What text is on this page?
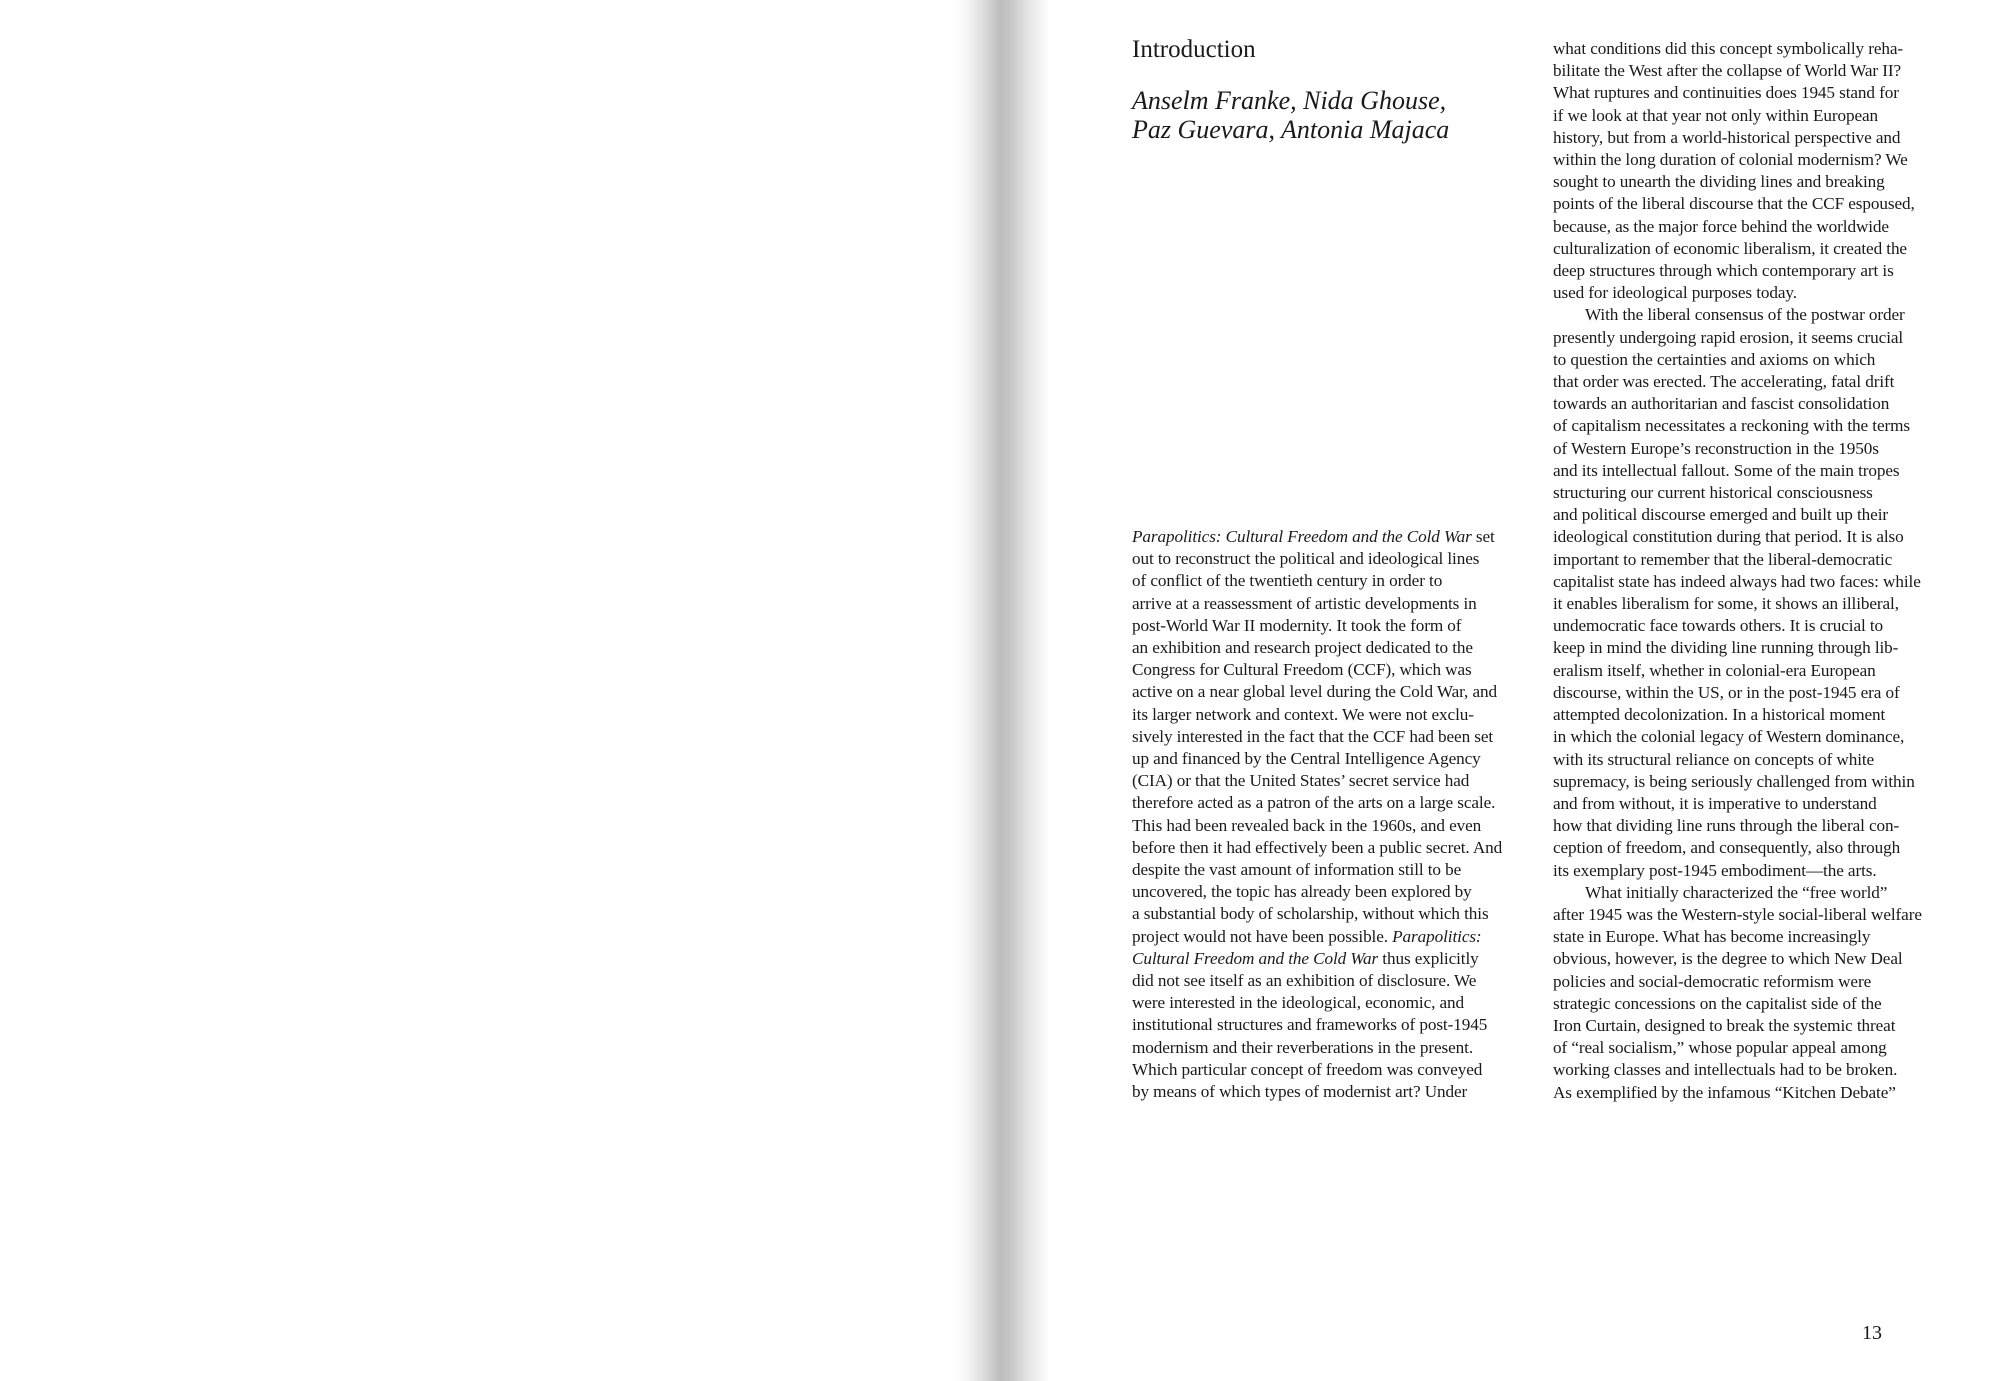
Introduction
Anselm Franke, Nida Ghouse,
Paz Guevara, Antonia Majaca
Parapolitics: Cultural Freedom and the Cold War set
out to reconstruct the political and ideological lines
of conflict of the twentieth century in order to
arrive at a reassessment of artistic developments in
post-World War II modernity. It took the form of
an exhibition and research project dedicated to the
Congress for Cultural Freedom (CCF), which was
active on a near global level during the Cold War, and
its larger network and context. We were not exclu-
sively interested in the fact that the CCF had been set
up and financed by the Central Intelligence Agency
(CIA) or that the United States’ secret service had
therefore acted as a patron of the arts on a large scale.
This had been revealed back in the 1960s, and even
before then it had effectively been a public secret. And
despite the vast amount of information still to be
uncovered, the topic has already been explored by
a substantial body of scholarship, without which this
project would not have been possible. Parapolitics:
Cultural Freedom and the Cold War thus explicitly
did not see itself as an exhibition of disclosure. We
were interested in the ideological, economic, and
institutional structures and frameworks of post-1945
modernism and their reverberations in the present.
Which particular concept of freedom was conveyed
by means of which types of modernist art? Under
what conditions did this concept symbolically reha-
bilitate the West after the collapse of World War II?
What ruptures and continuities does 1945 stand for
if we look at that year not only within European
history, but from a world-historical perspective and
within the long duration of colonial modernism? We
sought to unearth the dividing lines and breaking
points of the liberal discourse that the CCF espoused,
because, as the major force behind the worldwide
culturalization of economic liberalism, it created the
deep structures through which contemporary art is
used for ideological purposes today.
With the liberal consensus of the postwar order
presently undergoing rapid erosion, it seems crucial
to question the certainties and axioms on which
that order was erected. The accelerating, fatal drift
towards an authoritarian and fascist consolidation
of capitalism necessitates a reckoning with the terms
of Western Europe’s reconstruction in the 1950s
and its intellectual fallout. Some of the main tropes
structuring our current historical consciousness
and political discourse emerged and built up their
ideological constitution during that period. It is also
important to remember that the liberal-democratic
capitalist state has indeed always had two faces: while
it enables liberalism for some, it shows an illiberal,
undemocratic face towards others. It is crucial to
keep in mind the dividing line running through lib-
eralism itself, whether in colonial-era European
discourse, within the US, or in the post-1945 era of
attempted decolonization. In a historical moment
in which the colonial legacy of Western dominance,
with its structural reliance on concepts of white
supremacy, is being seriously challenged from within
and from without, it is imperative to understand
how that dividing line runs through the liberal con-
ception of freedom, and consequently, also through
its exemplary post-1945 embodiment—the arts.
What initially characterized the “free world”
after 1945 was the Western-style social-liberal welfare
state in Europe. What has become increasingly
obvious, however, is the degree to which New Deal
policies and social-democratic reformism were
strategic concessions on the capitalist side of the
Iron Curtain, designed to break the systemic threat
of “real socialism,” whose popular appeal among
working classes and intellectuals had to be broken.
As exemplified by the infamous “Kitchen Debate”
13
